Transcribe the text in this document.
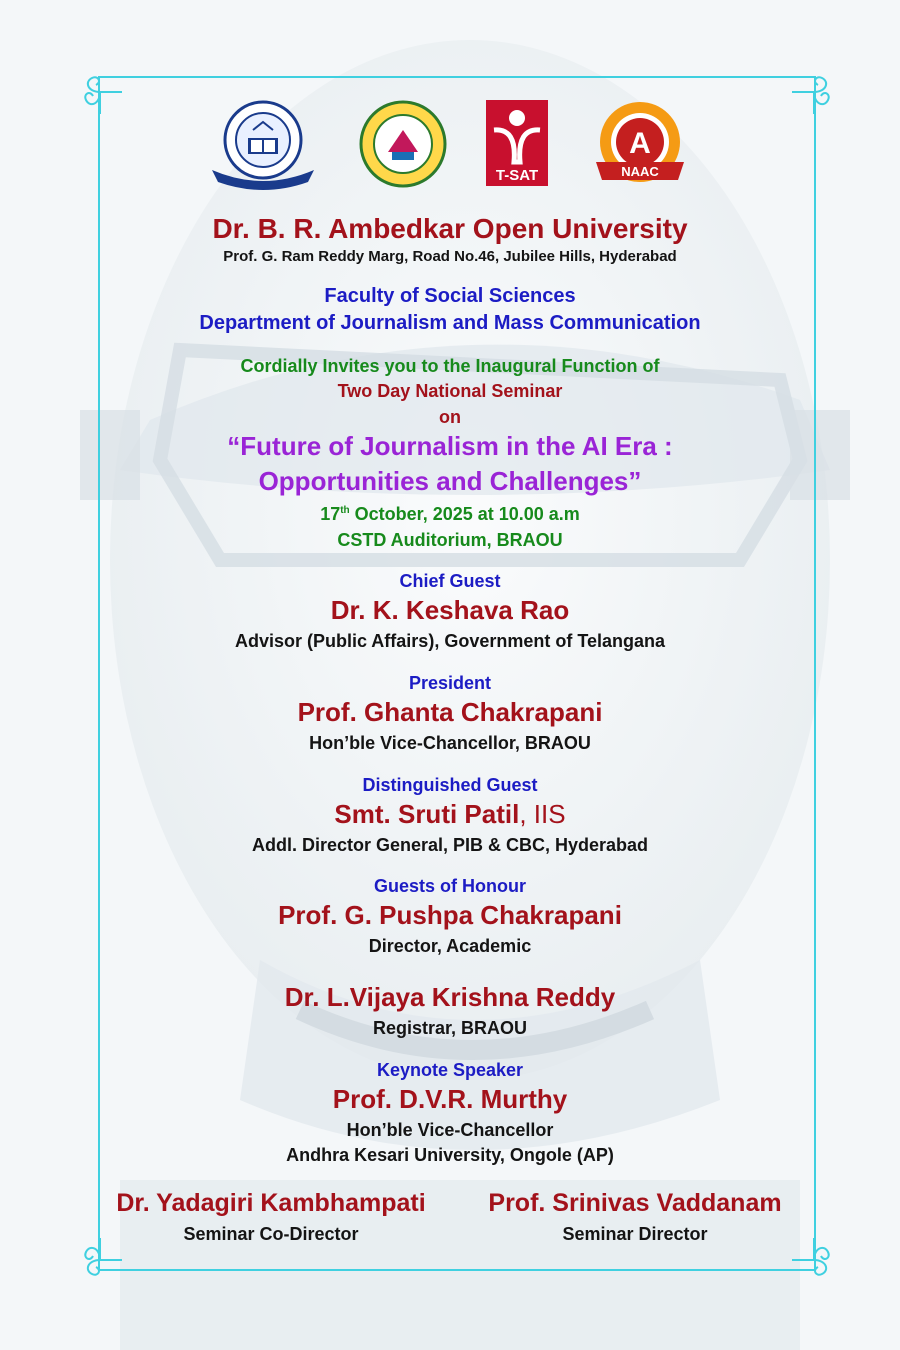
T-SAT
A
NAAC
Dr. B. R. Ambedkar Open University
Prof. G. Ram Reddy Marg, Road No.46, Jubilee Hills, Hyderabad
Faculty of Social Sciences
Department of Journalism and Mass Communication
Cordially Invites you to the Inaugural Function of
Two Day National Seminar
on
“Future of Journalism in the AI Era :
Opportunities and Challenges”
17th October, 2025 at 10.00 a.m
CSTD Auditorium, BRAOU
Chief Guest
Dr. K. Keshava Rao
Advisor (Public Affairs), Government of Telangana
President
Prof. Ghanta Chakrapani
Hon’ble Vice-Chancellor, BRAOU
Distinguished Guest
Smt. Sruti Patil, IIS
Addl. Director General, PIB & CBC, Hyderabad
Guests of Honour
Prof. G. Pushpa Chakrapani
Director, Academic
Dr. L.Vijaya Krishna Reddy
Registrar, BRAOU
Keynote Speaker
Prof. D.V.R. Murthy
Hon’ble Vice-Chancellor
Andhra Kesari University, Ongole (AP)
Dr. Yadagiri Kambhampati
Seminar Co-Director
Prof. Srinivas Vaddanam
Seminar Director
